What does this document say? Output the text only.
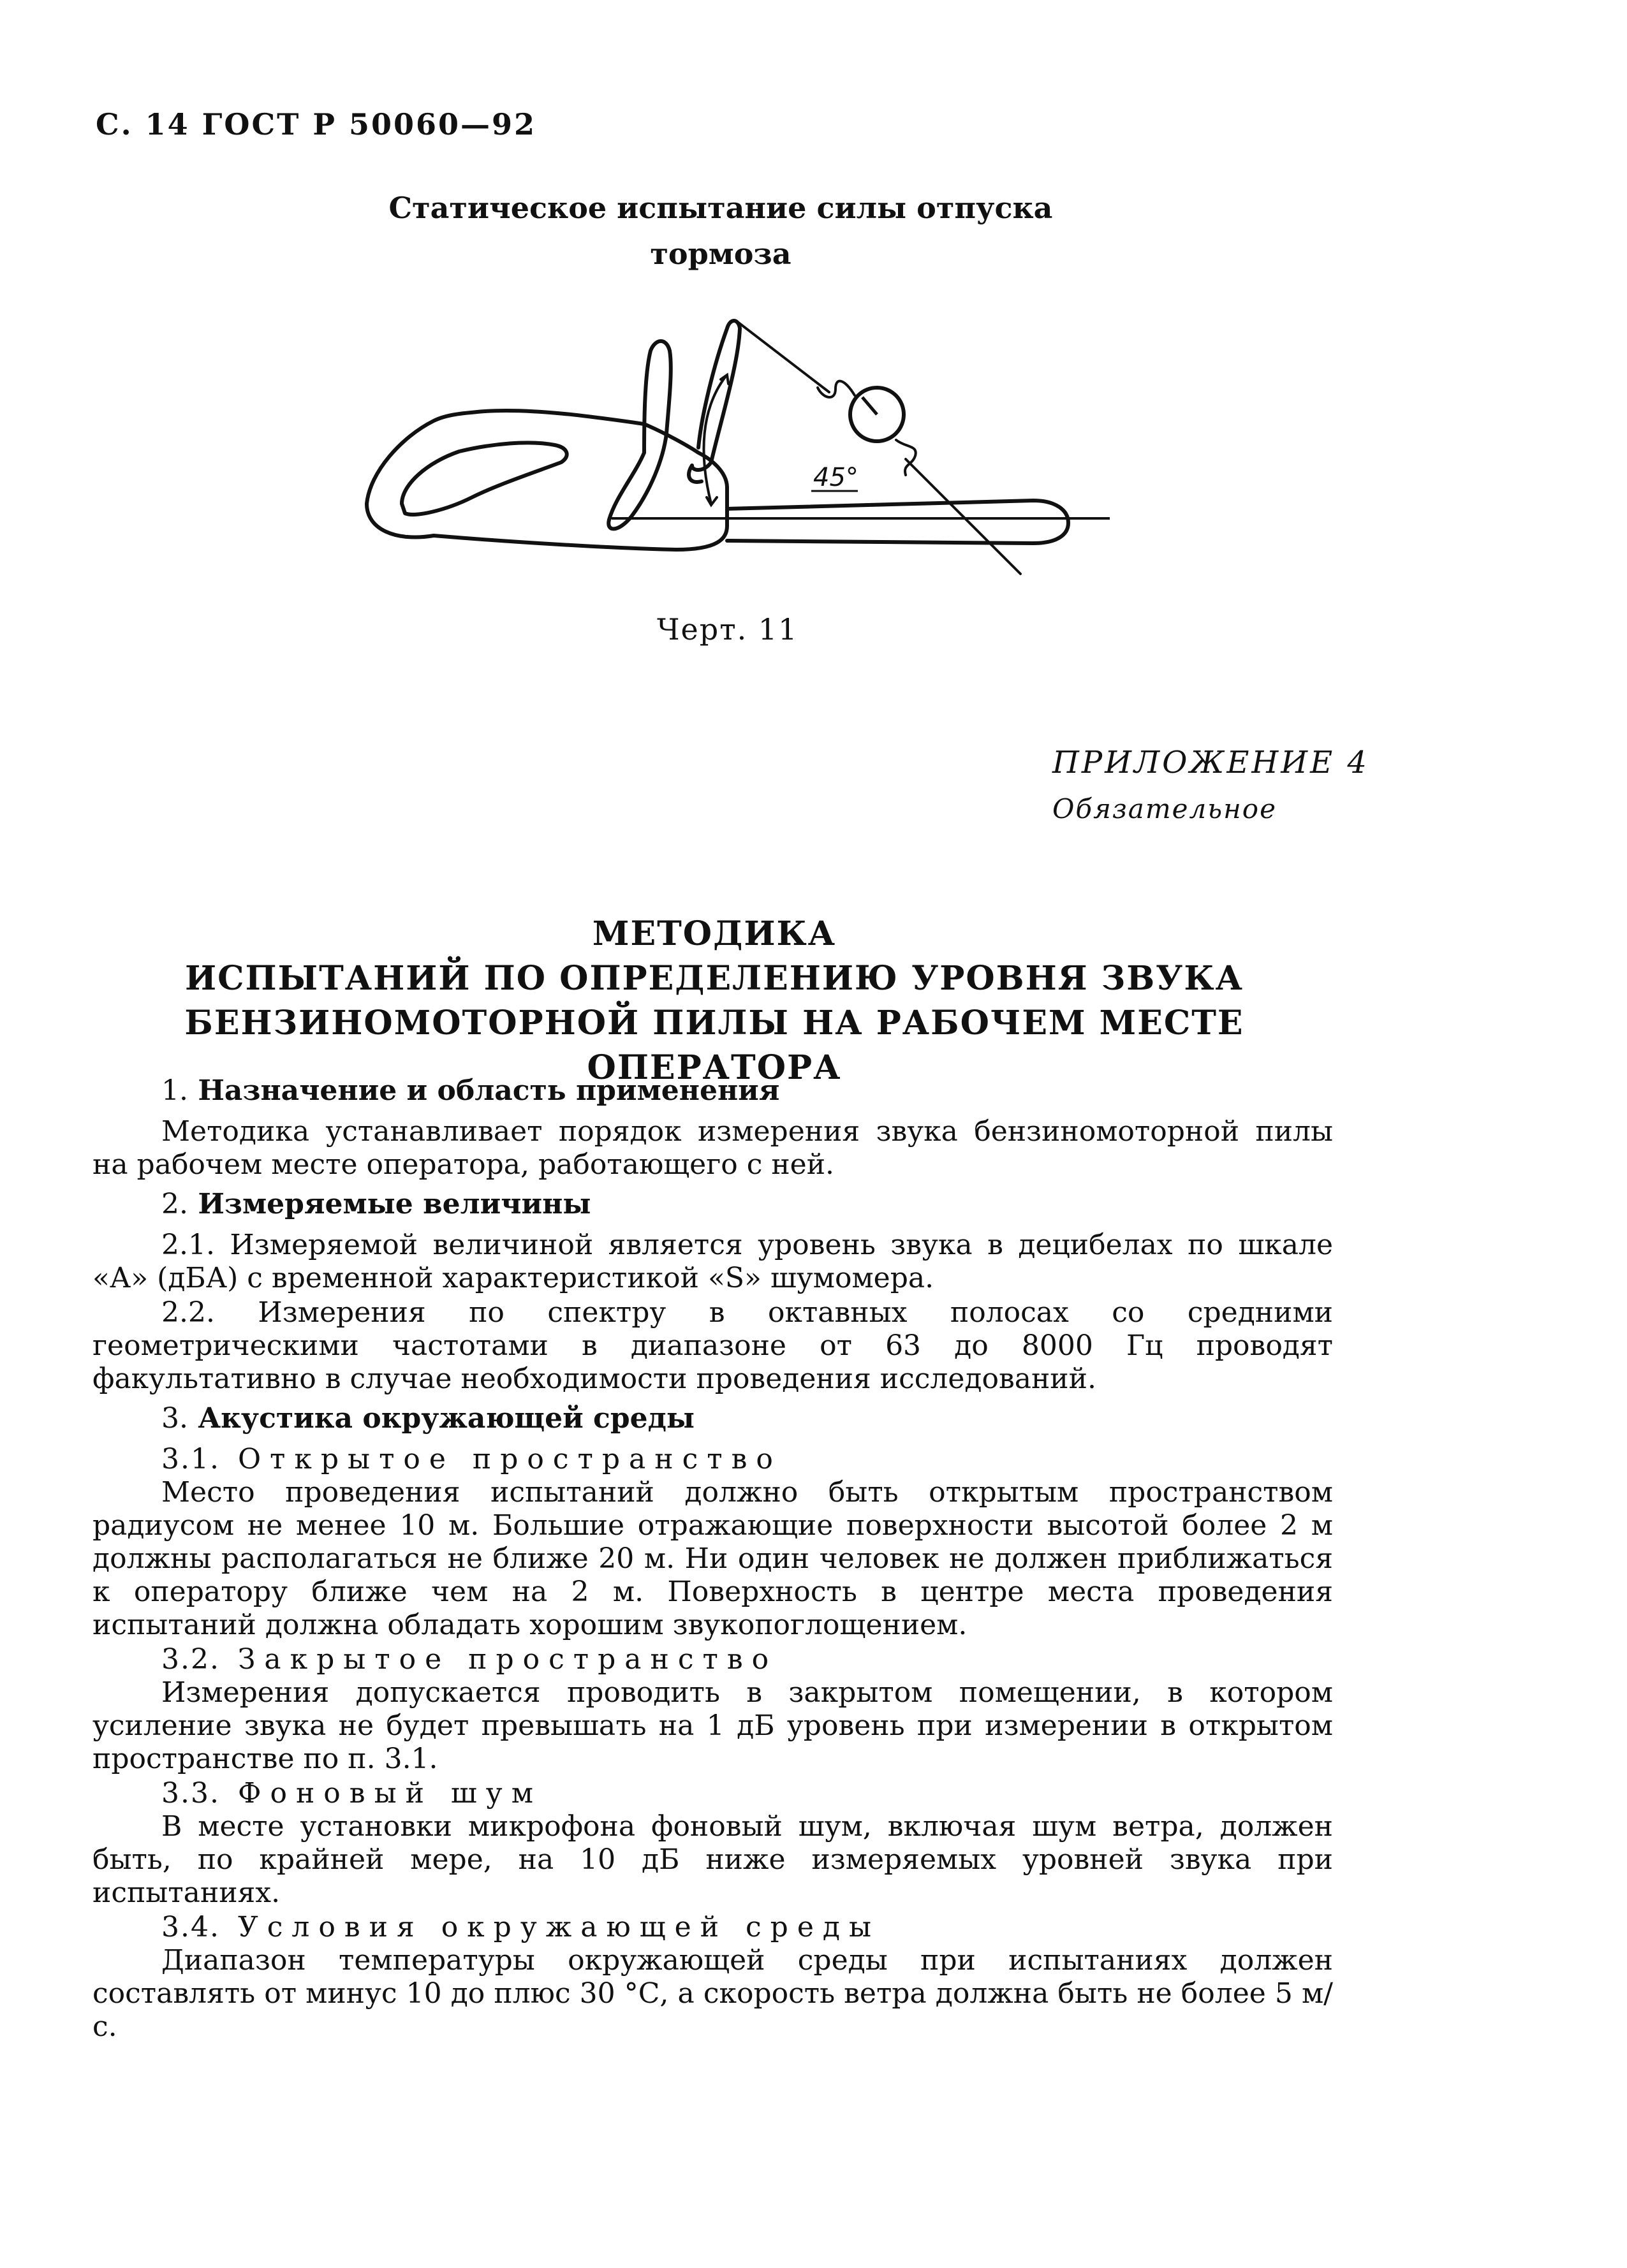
С. 14 ГОСТ Р 50060—92
Статическое испытание силы отпуска
тормоза
45°
Черт. 11
ПРИЛОЖЕНИЕ 4
Обязательное
МЕТОДИКА
ИСПЫТАНИЙ ПО ОПРЕДЕЛЕНИЮ УРОВНЯ ЗВУКА
БЕНЗИНОМОТОРНОЙ ПИЛЫ НА РАБОЧЕМ МЕСТЕ ОПЕРАТОРА
1. Назначение и область применения

Методика устанавливает порядок измерения звука бензиномоторной пилы на рабочем месте оператора, работающего с ней.

2. Измеряемые величины

2.1. Измеряемой величиной является уровень звука в децибелах по шкале «А» (дБА) с временной характеристикой «S» шумомера.

2.2. Измерения по спектру в октавных полосах со средними геометрическими частотами в диапазоне от 63 до 8000 Гц проводят факультативно в случае необходимости проведения исследований.

3. Акустика окружающей среды
3.1. Открытое пространство

Место проведения испытаний должно быть открытым пространством радиусом не менее 10 м. Большие отражающие поверхности высотой более 2 м должны располагаться не ближе 20 м. Ни один человек не должен приближаться к оператору ближе чем на 2 м. Поверхность в центре места проведения испытаний должна обладать хорошим звукопоглощением.

3.2. Закрытое пространство

Измерения допускается проводить в закрытом помещении, в котором усиление звука не будет превышать на 1 дБ уровень при измерении в открытом пространстве по п. 3.1.

3.3. Фоновый шум

В месте установки микрофона фоновый шум, включая шум ветра, должен быть, по крайней мере, на 10 дБ ниже измеряемых уровней звука при испытаниях.

3.4. Условия окружающей среды

Диапазон температуры окружающей среды при испытаниях должен составлять от минус 10 до плюс 30 °С, а скорость ветра должна быть не более 5 м/с.
